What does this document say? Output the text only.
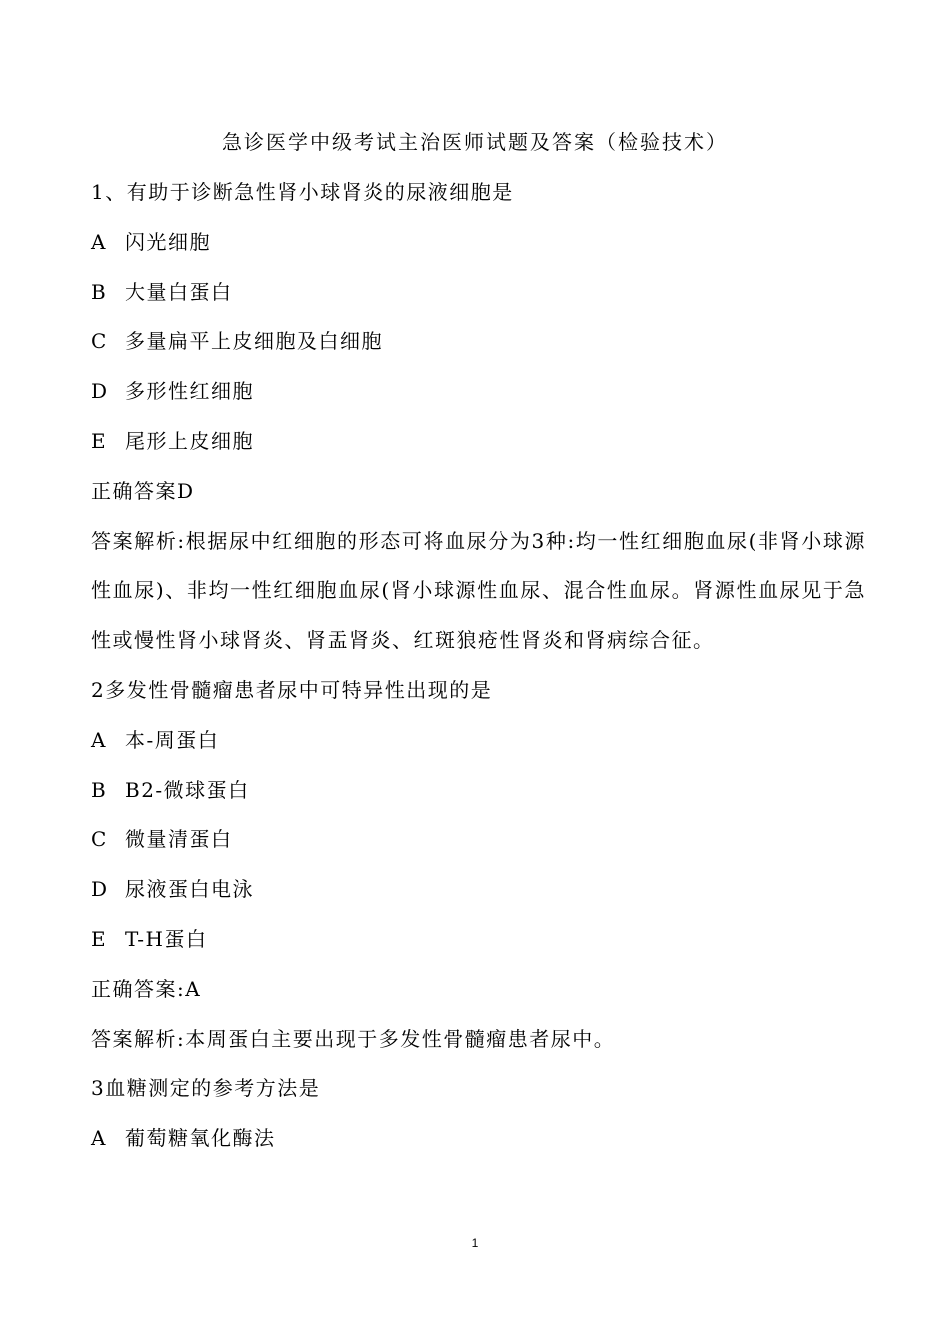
急诊医学中级考试主治医师试题及答案（检验技术）
1、有助于诊断急性肾小球肾炎的尿液细胞是
A 闪光细胞
B 大量白蛋白
C 多量扁平上皮细胞及白细胞
D 多形性红细胞
E 尾形上皮细胞
正确答案D
答案解析:根据尿中红细胞的形态可将血尿分为3种:均一性红细胞血尿(非肾小球源性血尿)、非均一性红细胞血尿(肾小球源性血尿、混合性血尿。肾源性血尿见于急性或慢性肾小球肾炎、肾盂肾炎、红斑狼疮性肾炎和肾病综合征。
2多发性骨髓瘤患者尿中可特异性出现的是
A 本-周蛋白
B B2-微球蛋白
C 微量清蛋白
D 尿液蛋白电泳
E T-H蛋白
正确答案:A
答案解析:本周蛋白主要出现于多发性骨髓瘤患者尿中。
3血糖测定的参考方法是
A 葡萄糖氧化酶法
1
